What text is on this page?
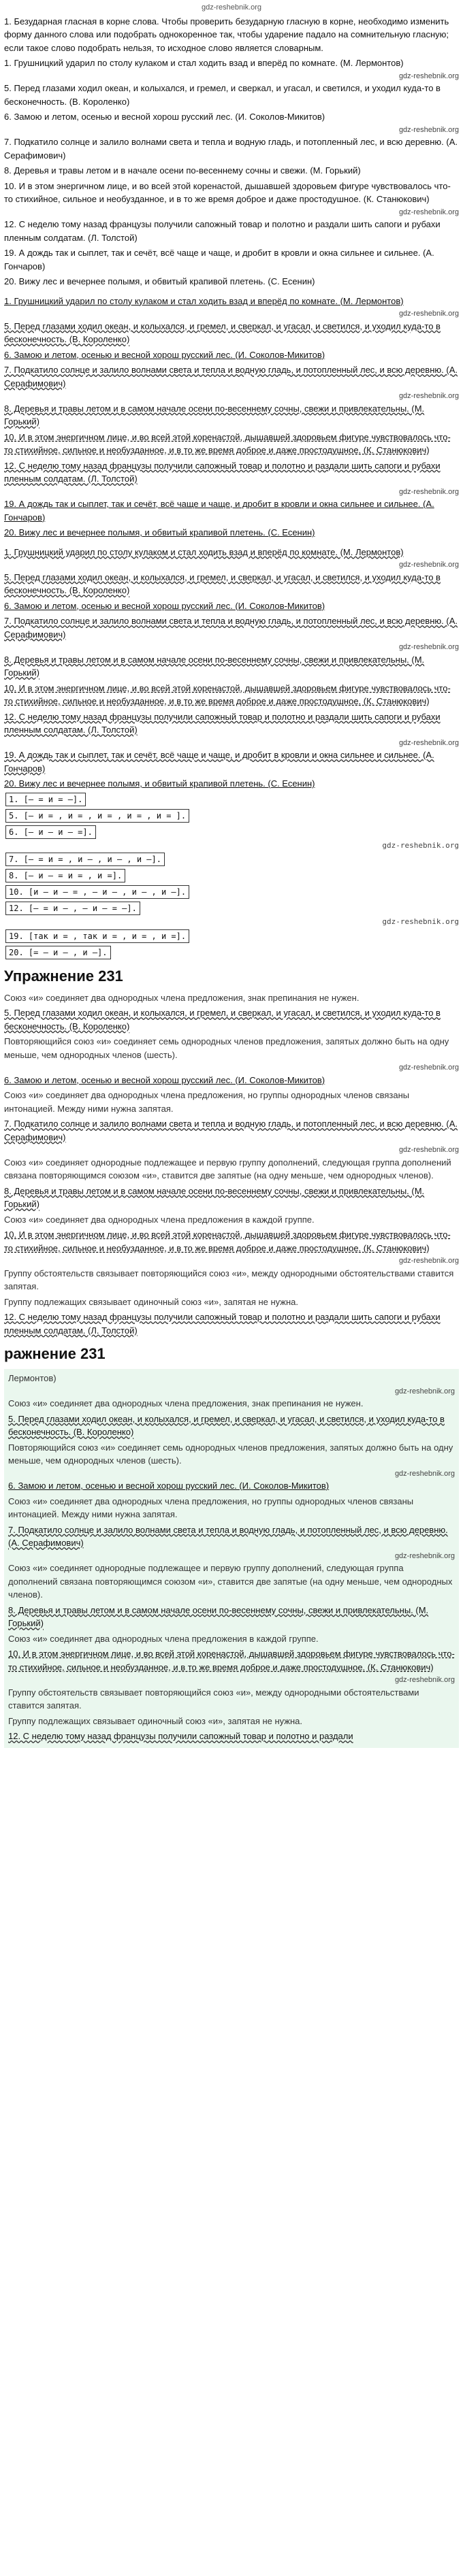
gdz-reshebnik.org

1. Безударная гласная в корне слова. Чтобы проверить безударную гласную в корне, необходимо изменить форму данного слова или подобрать однокоренное так, чтобы ударение падало на сомнительную гласную; если такое слово подобрать нельзя, то исходное слово является словарным.

1. Грушницкий ударил по столу кулаком и стал ходить взад и вперёд по комнате. (М. Лермонтов)

gdz-reshebnik.org

5. Перед глазами ходил океан, и колыхался, и гремел, и сверкал, и угасал, и светился, и уходил куда-то в бесконечность. (В. Короленко)

6. Замою и летом, осенью и весной хорош русский лес. (И. Соколов-Микитов)

gdz-reshebnik.org

7. Подкатило солнце и залило волнами света и тепла и водную гладь, и потопленный лес, и всю деревню. (А. Серафимович)

8. Деревья и травы летом и в начале осени по-весеннему сочны и свежи. (М. Горький)

10. И в этом энергичном лице, и во всей этой коренастой, дышавшей здоровьем фигуре чувствовалось что-то стихийное, сильное и необузданное, и в то же время доброе и даже простодушное. (К. Станюкович)

gdz-reshebnik.org

12. С неделю тому назад французы получили сапожный товар и полотно и раздали шить сапоги и рубахи пленным солдатам. (Л. Толстой)

19. А дождь так и сыплет, так и сечёт, всё чаще и чаще, и дробит в кровли и окна сильнее и сильнее. (А. Гончаров)

20. Вижу лес и вечернее полымя, и обвитый крапивой плетень. (С. Есенин)

1. Грушницкий ударил по столу кулаком и стал ходить взад и вперёд по комнате. (М. Лермонтов)

gdz-reshebnik.org

5. Перед глазами ходил океан, и колыхался, и гремел, и сверкал, и угасал, и светился, и уходил куда-то в бесконечность. (В. Короленко)

6. Замою и летом, осенью и весной хорош русский лес. (И. Соколов-Микитов)

7. Подкатило солнце и залило волнами света и тепла и водную гладь, и потопленный лес, и всю деревню. (А. Серафимович)

gdz-reshebnik.org

8. Деревья и травы летом и в самом начале осени по-весеннему сочны, свежи и привлекательны. (М. Горький)

10. И в этом энергичном лице, и во всей этой коренастой, дышавшей здоровьем фигуре чувствовалось что-то стихийное, сильное и необузданное, и в то же время доброе и даже простодушное. (К. Станюкович)

12. С неделю тому назад французы получили сапожный товар и полотно и раздали шить сапоги и рубахи пленным солдатам. (Л. Толстой)

gdz-reshebnik.org

19. А дождь так и сыплет, так и сечёт, всё чаще и чаще, и дробит в кровли и окна сильнее и сильнее. (А. Гончаров)

20. Вижу лес и вечернее полымя, и обвитый крапивой плетень. (С. Есенин)

1. Грушницкий ударил по столу кулаком и стал ходить взад и вперёд по комнате. (М. Лермонтов)

gdz-reshebnik.org

5. Перед глазами ходил океан, и колыхался, и гремел, и сверкал, и угасал, и светился, и уходил куда-то в бесконечность. (В. Короленко)

6. Замою и летом, осенью и весной хорош русский лес. (И. Соколов-Микитов)

7. Подкатило солнце и залило волнами света и тепла и водную гладь, и потопленный лес, и всю деревню. (А. Серафимович)

gdz-reshebnik.org

8. Деревья и травы летом и в самом начале осени по-весеннему сочны, свежи и привлекательны. (М. Горький)

10. И в этом энергичном лице, и во всей этой коренастой, дышавшей здоровьем фигуре чувствовалось что-то стихийное, сильное и необузданное, и в то же время доброе и даже простодушное. (К. Станюкович)

12. С неделю тому назад французы получили сапожный товар и полотно и раздали шить сапоги и рубахи пленным солдатам. (Л. Толстой)

gdz-reshebnik.org

19. А дождь так и сыплет, так и сечёт, всё чаще и чаще, и дробит в кровли и окна сильнее и сильнее. (А. Гончаров)

20. Вижу лес и вечернее полымя, и обвитый крапивой плетень. (С. Есенин)

1. [— = и = —].
5. [— и = , и = , и = , и = , и = ].
6. [— и — и — =].
gdz-reshebnik.org
7. [— = и = , и — , и — , и —].
8. [— и — = и = , и =].
10. [и — и — = , — и — , и — , и —].
12. [— = и — , — и — = —].
gdz-reshebnik.org
19. [так и = , так и = , и = , и =].
20. [= — и — , и —].
Упражнение 231

Союз «и» соединяет два однородных члена предложения, знак препинания не нужен.

5. Перед глазами ходил океан, и колыхался, и гремел, и сверкал, и угасал, и светился, и уходил куда-то в бесконечность. (В. Короленко)

Повторяющийся союз «и» соединяет семь однородных членов предложения, запятых должно быть на одну меньше, чем однородных членов (шесть).

gdz-reshebnik.org

6. Замою и летом, осенью и весной хорош русский лес. (И. Соколов-Микитов)

Союз «и» соединяет два однородных члена предложения, но группы однородных членов связаны интонацией. Между ними нужна запятая.

7. Подкатило солнце и залило волнами света и тепла и водную гладь, и потопленный лес, и всю деревню. (А. Серафимович)

gdz-reshebnik.org

Союз «и» соединяет однородные подлежащее и первую группу дополнений, следующая группа дополнений связана повторяющимся союзом «и», ставится две запятые (на одну меньше, чем однородных членов).

8. Деревья и травы летом и в самом начале осени по-весеннему сочны, свежи и привлекательны. (М. Горький)

Союз «и» соединяет два однородных члена предложения в каждой группе.

10. И в этом энергичном лице, и во всей этой коренастой, дышавшей здоровьем фигуре чувствовалось что-то стихийное, сильное и необузданное, и в то же время доброе и даже простодушное. (К. Станюкович)

gdz-reshebnik.org

Группу обстоятельств связывает повторяющийся союз «и», между однородными обстоятельствами ставится запятая.

Группу подлежащих связывает одиночный союз «и», запятая не нужна.

12. С неделю тому назад французы получили сапожный товар и полотно и раздали шить сапоги и рубахи пленным солдатам. (Л. Толстой)

ражнение 231

Лермонтов)

gdz-reshebnik.org

Союз «и» соединяет два однородных члена предложения, знак препинания не нужен.

5. Перед глазами ходил океан, и колыхался, и гремел, и сверкал, и угасал, и светился, и уходил куда-то в бесконечность. (В. Короленко)

Повторяющийся союз «и» соединяет семь однородных членов предложения, запятых должно быть на одну меньше, чем однородных членов (шесть).

gdz-reshebnik.org

6. Замою и летом, осенью и весной хорош русский лес. (И. Соколов-Микитов)

Союз «и» соединяет два однородных члена предложения, но группы однородных членов связаны интонацией. Между ними нужна запятая.

7. Подкатило солнце и залило волнами света и тепла и водную гладь, и потопленный лес, и всю деревню. (А. Серафимович)

gdz-reshebnik.org

Союз «и» соединяет однородные подлежащее и первую группу дополнений, следующая группа дополнений связана повторяющимся союзом «и», ставится две запятые (на одну меньше, чем однородных членов).

8. Деревья и травы летом и в самом начале осени по-весеннему сочны, свежи и привлекательны. (М. Горький)

Союз «и» соединяет два однородных члена предложения в каждой группе.

10. И в этом энергичном лице, и во всей этой коренастой, дышавшей здоровьем фигуре чувствовалось что-то стихийное, сильное и необузданное, и в то же время доброе и даже простодушное. (К. Станюкович)

gdz-reshebnik.org

Группу обстоятельств связывает повторяющийся союз «и», между однородными обстоятельствами ставится запятая.

Группу подлежащих связывает одиночный союз «и», запятая не нужна.

12. С неделю тому назад французы получили сапожный товар и полотно и раздали
